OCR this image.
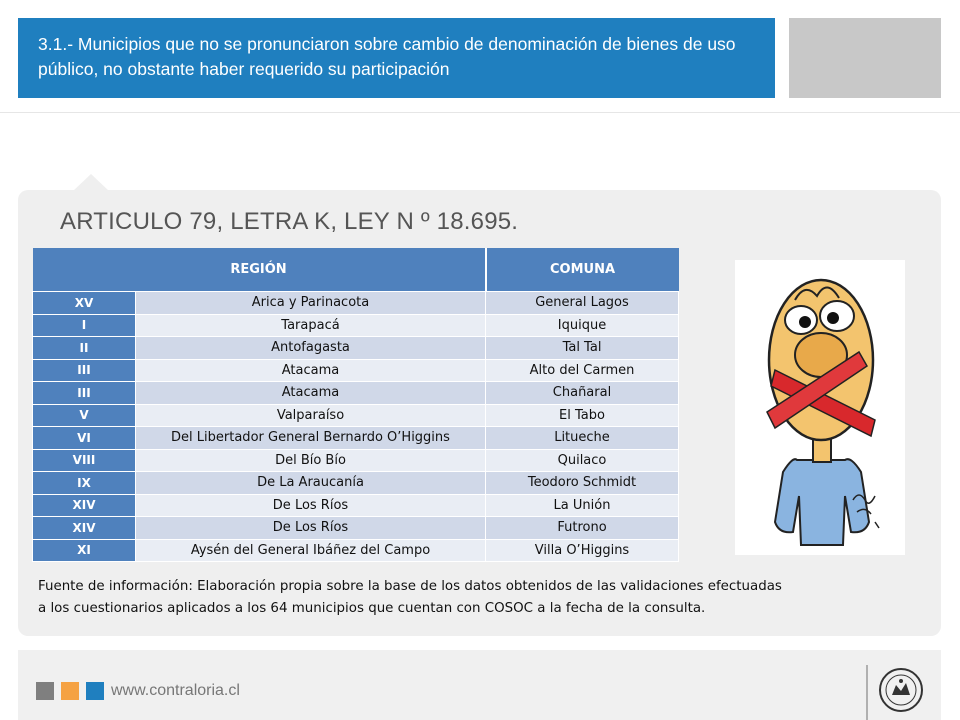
3.1.- Municipios que no se pronunciaron sobre cambio de denominación de bienes de uso público, no obstante haber requerido su participación
ARTICULO 79, LETRA K, LEY N º 18.695.
REGIÓN		COMUNA
XV	Arica y Parinacota	General Lagos
I	Tarapacá	Iquique
II	Antofagasta	Tal Tal
III	Atacama	Alto del Carmen
III	Atacama	Chañaral
V	Valparaíso	El Tabo
VI	Del Libertador General Bernardo O’Higgins	Litueche
VIII	Del Bío Bío	Quilaco
IX	De La Araucanía	Teodoro Schmidt
XIV	De Los Ríos	La Unión
XIV	De Los Ríos	Futrono
XI	Aysén del General Ibáñez del Campo	Villa O’Higgins
Fuente de información: Elaboración propia sobre la base de los datos obtenidos de las validaciones efectuadas
a los cuestionarios aplicados a los 64 municipios que cuentan con COSOC a la fecha de la consulta.
www.contraloria.cl
